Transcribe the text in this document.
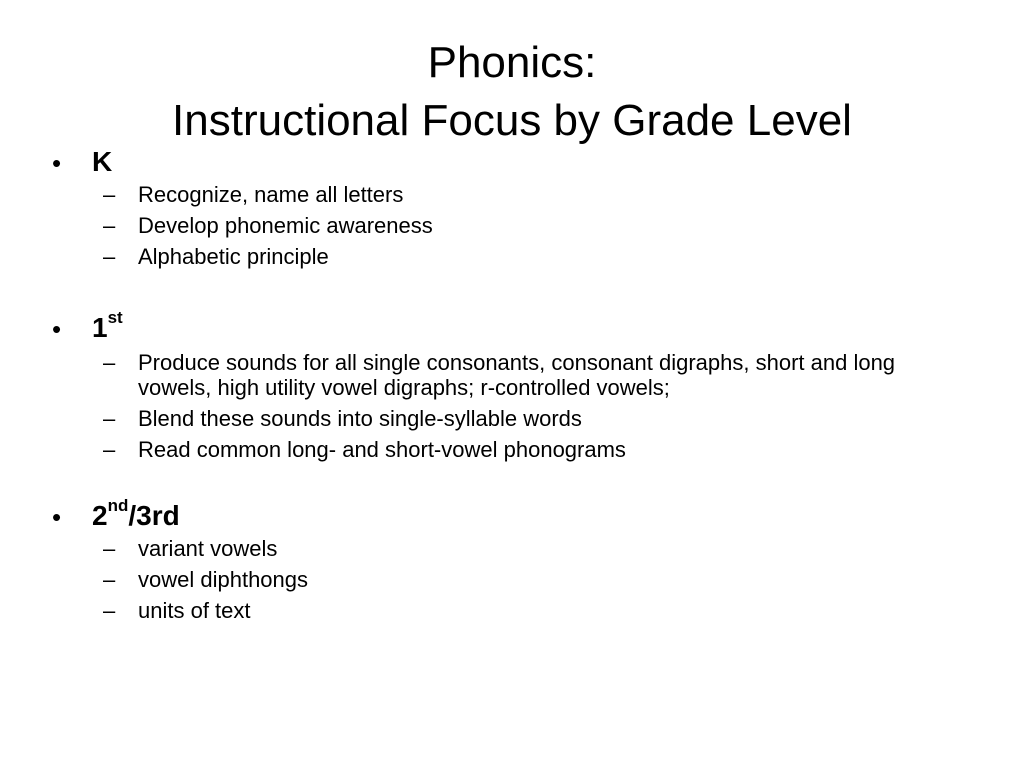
Phonics:
Instructional Focus by Grade Level
• K
– Recognize, name all letters
– Develop phonemic awareness
– Alphabetic principle
• 1st
– Produce sounds for all single consonants, consonant digraphs, short and long vowels, high utility vowel digraphs; r-controlled vowels;
– Blend these sounds into single-syllable words
– Read common long- and short-vowel phonograms
• 2nd/3rd
– variant vowels
– vowel diphthongs
– units of text
